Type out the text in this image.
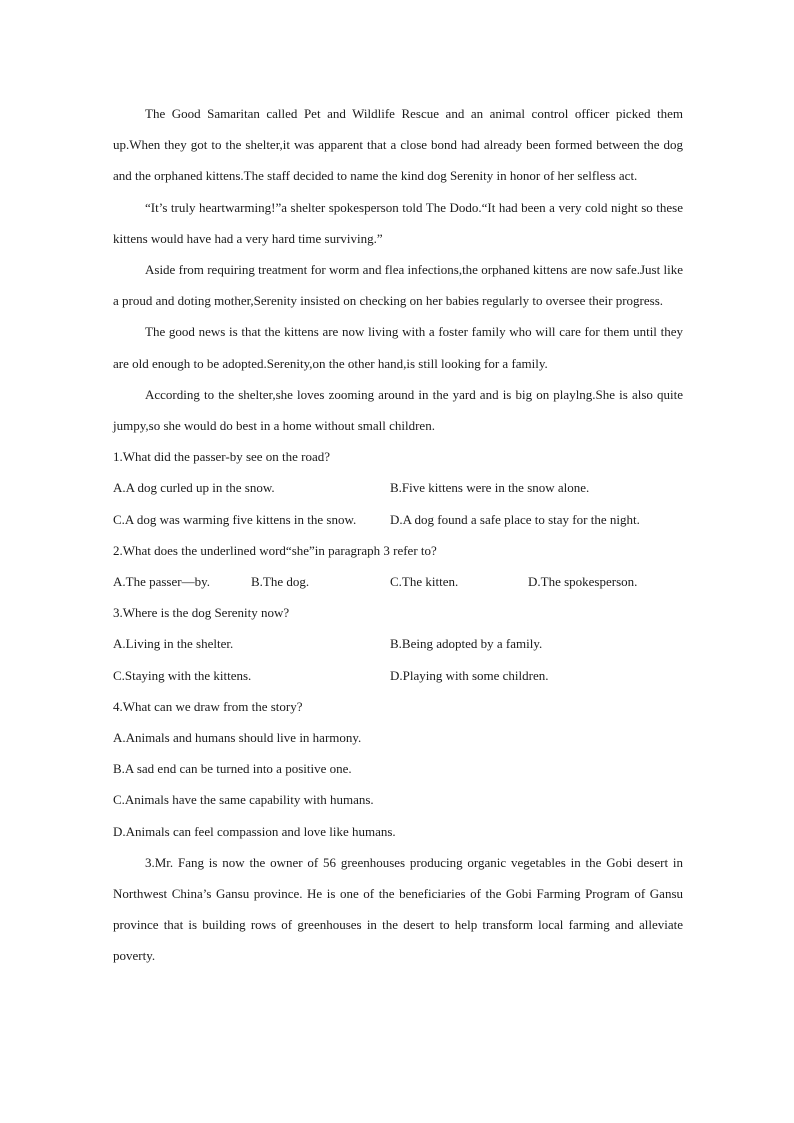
The Good Samaritan called Pet and Wildlife Rescue and an animal control officer picked them up.When they got to the shelter,it was apparent that a close bond had already been formed between the dog and the orphaned kittens.The staff decided to name the kind dog Serenity in honor of her selfless act.

“It’s truly heartwarming!”a shelter spokesperson told The Dodo.“It had been a very cold night so these kittens would have had a very hard time surviving.”

Aside from requiring treatment for worm and flea infections,the orphaned kittens are now safe.Just like a proud and doting mother,Serenity insisted on checking on her babies regularly to oversee their progress.

The good news is that the kittens are now living with a foster family who will care for them until they are old enough to be adopted.Serenity,on the other hand,is still looking for a family.

According to the shelter,she loves zooming around in the yard and is big on playlng.She is also quite jumpy,so she would do best in a home without small children.

1.What did the passer-by see on the road?

A.A dog curled up in the snow.	B.Five kittens were in the snow alone.
C.A dog was warming five kittens in the snow.	D.A dog found a safe place to stay for the night.

2.What does the underlined word“she”in paragraph 3 refer to?

A.The passer—by.	B.The dog.	C.The kitten.	D.The spokesperson.

3.Where is the dog Serenity now?

A.Living in the shelter.	B.Being adopted by a family.
C.Staying with the kittens.	D.Playing with some children.

4.What can we draw from the story?

A.Animals and humans should live in harmony.

B.A sad end can be turned into a positive one.

C.Animals have the same capability with humans.

D.Animals can feel compassion and love like humans.

3.Mr. Fang is now the owner of 56 greenhouses producing organic vegetables in the Gobi desert in Northwest China’s Gansu province. He is one of the beneficiaries of the Gobi Farming Program of Gansu province that is building rows of greenhouses in the desert to help transform local farming and alleviate poverty.
